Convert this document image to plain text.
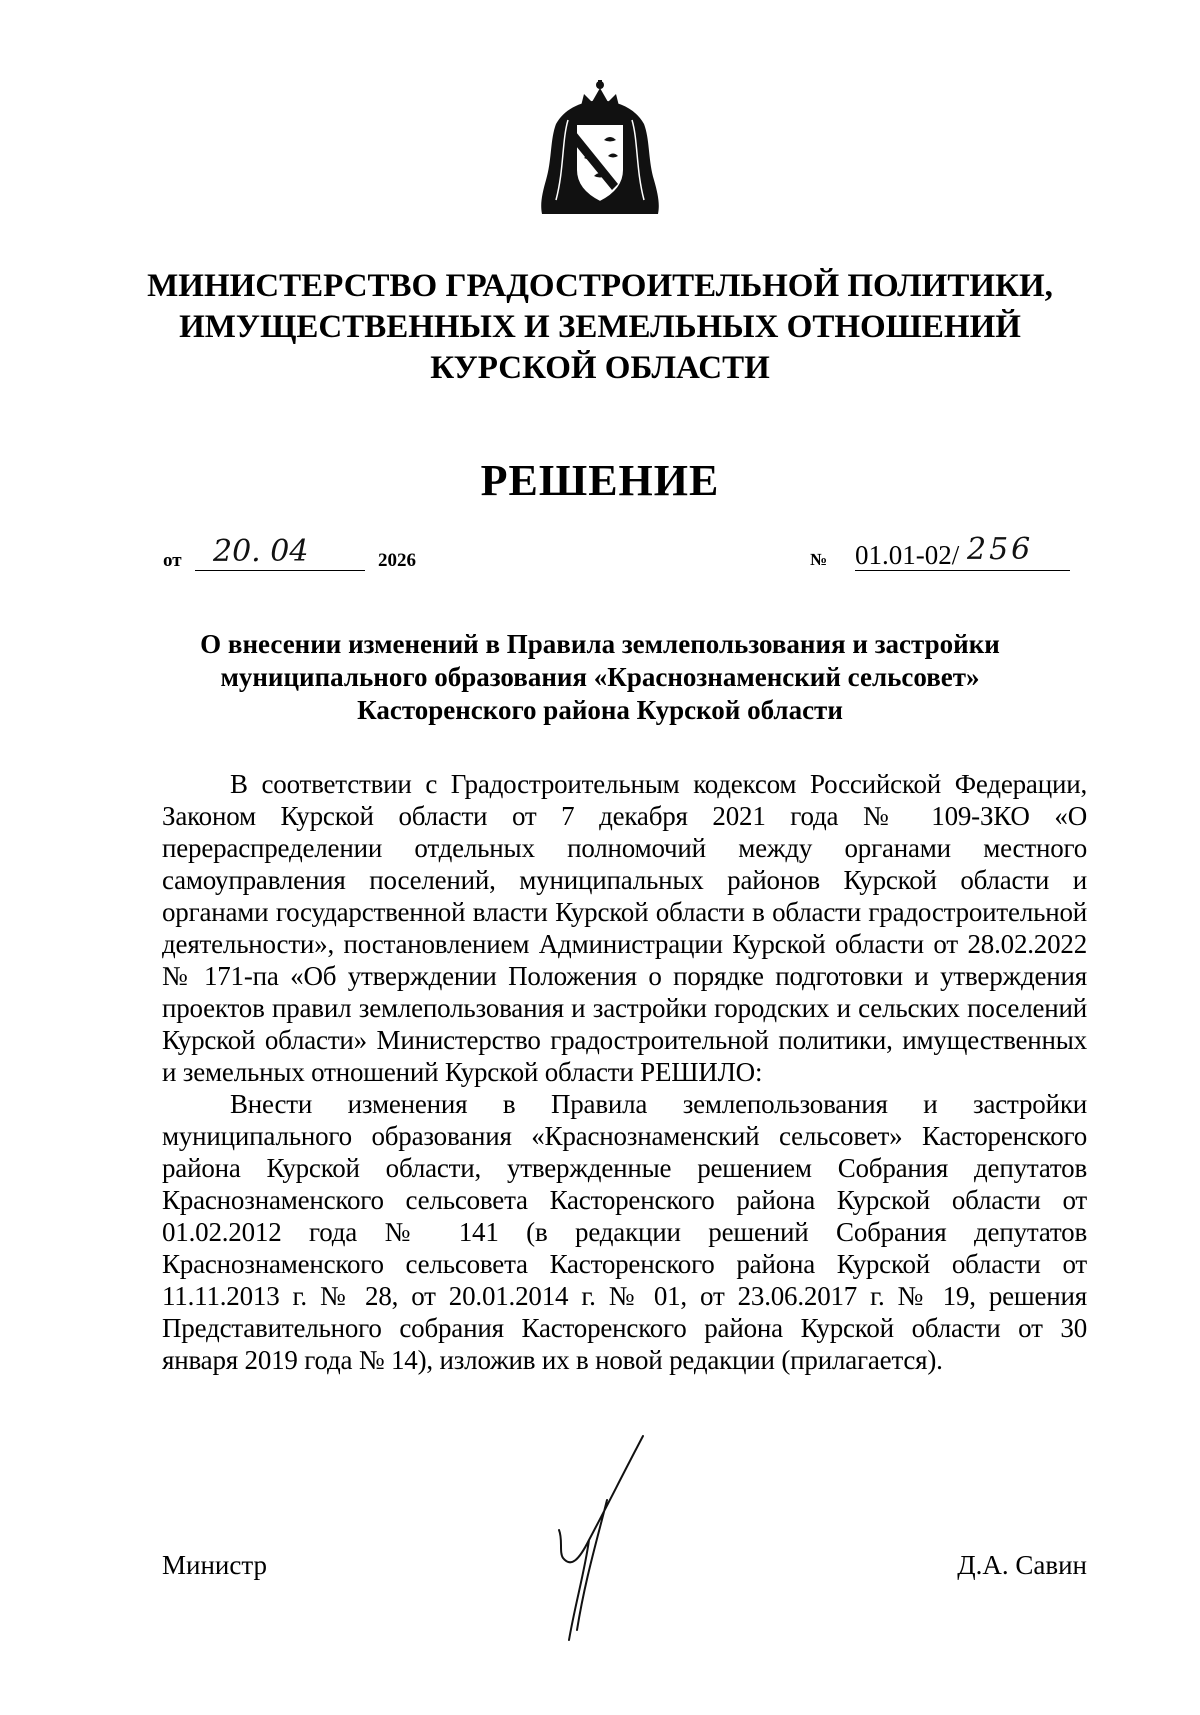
МИНИСТЕРСТВО ГРАДОСТРОИТЕЛЬНОЙ ПОЛИТИКИ,
ИМУЩЕСТВЕННЫХ И ЗЕМЕЛЬНЫХ ОТНОШЕНИЙ
КУРСКОЙ ОБЛАСТИ
РЕШЕНИЕ
от 20. 04	2026	№ 01.01-02/ 256
О внесении изменений в Правила землепользования и застройки
муниципального образования «Краснознаменский сельсовет»
Касторенского района Курской области

В соответствии с Градостроительным кодексом Российской Федерации, Законом Курской области от 7 декабря 2021 года № 109-ЗКО «О перераспределении отдельных полномочий между органами местного самоуправления поселений, муниципальных районов Курской области и органами государственной власти Курской области в области градостроительной деятельности», постановлением Администрации Курской области от 28.02.2022 № 171-па «Об утверждении Положения о порядке подготовки и утверждения проектов правил землепользования и застройки городских и сельских поселений Курской области» Министерство градостроительной политики, имущественных и земельных отношений Курской области РЕШИЛО:

Внести изменения в Правила землепользования и застройки муниципального образования «Краснознаменский сельсовет» Касторенского района Курской области, утвержденные решением Собрания депутатов Краснознаменского сельсовета Касторенского района Курской области от 01.02.2012 года № 141 (в редакции решений Собрания депутатов Краснознаменского сельсовета Касторенского района Курской области от 11.11.2013 г. № 28, от 20.01.2014 г. № 01, от 23.06.2017 г. № 19, решения Представительного собрания Касторенского района Курской области от 30 января 2019 года № 14), изложив их в новой редакции (прилагается).

Министр	Д.А. Савин
